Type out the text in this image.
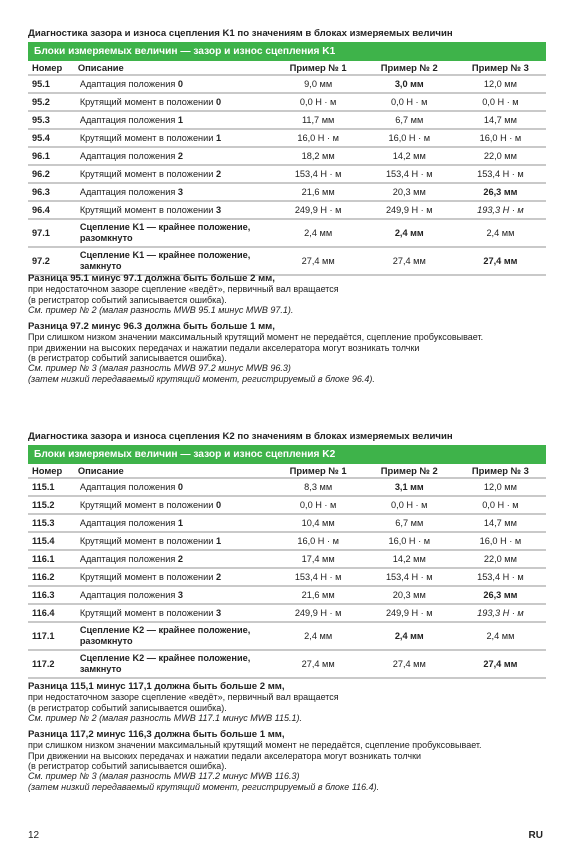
Диагностика зазора и износа сцепления K1 по значениям в блоках измеряемых величин
Блоки измеряемых величин — зазор и износ сцепления K1
Номер	Описание	Пример № 1	Пример № 2	Пример № 3
95.1	Адаптация положения 0	9,0 мм	3,0 мм	12,0 мм
95.2	Крутящий момент в положении 0	0,0 Н · м	0,0 Н · м	0,0 Н · м
95.3	Адаптация положения 1	11,7 мм	6,7 мм	14,7 мм
95.4	Крутящий момент в положении 1	16,0 Н · м	16,0 Н · м	16,0 Н · м
96.1	Адаптация положения 2	18,2 мм	14,2 мм	22,0 мм
96.2	Крутящий момент в положении 2	153,4 Н · м	153,4 Н · м	153,4 Н · м
96.3	Адаптация положения 3	21,6 мм	20,3 мм	26,3 мм
96.4	Крутящий момент в положении 3	249,9 Н · м	249,9 Н · м	193,3 Н · м
97.1	Сцепление K1 — крайнее положение, разомкнуто	2,4 мм	2,4 мм	2,4 мм
97.2	Сцепление K1 — крайнее положение, замкнуто	27,4 мм	27,4 мм	27,4 мм
Разница 95.1 минус 97.1 должна быть больше 2 мм,
при недостаточном зазоре сцепление «ведёт», первичный вал вращается
(в регистратор событий записывается ошибка).
См. пример № 2 (малая разность MWB 95.1 минус MWB 97.1).
Разница 97.2 минус 96.3 должна быть больше 1 мм,
При слишком низком значении максимальный крутящий момент не передаётся, сцепление пробуксовывает.
при движении на высоких передачах и нажатии педали акселератора могут возникать толчки
(в регистратор событий записывается ошибка).
См. пример № 3 (малая разность MWB 97.2 минус MWB 96.3)
(затем низкий передаваемый крутящий момент, регистрируемый в блоке 96.4).
Диагностика зазора и износа сцепления K2 по значениям в блоках измеряемых величин
Блоки измеряемых величин — зазор и износ сцепления K2
Номер	Описание	Пример № 1	Пример № 2	Пример № 3
115.1	Адаптация положения 0	8,3 мм	3,1 мм	12,0 мм
115.2	Крутящий момент в положении 0	0,0 Н · м	0,0 Н · м	0,0 Н · м
115.3	Адаптация положения 1	10,4 мм	6,7 мм	14,7 мм
115.4	Крутящий момент в положении 1	16,0 Н · м	16,0 Н · м	16,0 Н · м
116.1	Адаптация положения 2	17,4 мм	14,2 мм	22,0 мм
116.2	Крутящий момент в положении 2	153,4 Н · м	153,4 Н · м	153,4 Н · м
116.3	Адаптация положения 3	21,6 мм	20,3 мм	26,3 мм
116.4	Крутящий момент в положении 3	249,9 Н · м	249,9 Н · м	193,3 Н · м
117.1	Сцепление K2 — крайнее положение, разомкнуто	2,4 мм	2,4 мм	2,4 мм
117.2	Сцепление K2 — крайнее положение, замкнуто	27,4 мм	27,4 мм	27,4 мм
Разница 115,1 минус 117,1 должна быть больше 2 мм,
при недостаточном зазоре сцепление «ведёт», первичный вал вращается
(в регистратор событий записывается ошибка).
См. пример № 2 (малая разность MWB 117.1 минус MWB 115.1).
Разница 117,2 минус 116,3 должна быть больше 1 мм,
при слишком низком значении максимальный крутящий момент не передаётся, сцепление пробуксовывает.
При движении на высоких передачах и нажатии педали акселератора могут возникать толчки
(в регистратор событий записывается ошибка).
См. пример № 3 (малая разность MWB 117.2 минус MWB 116.3)
(затем низкий передаваемый крутящий момент, регистрируемый в блоке 116.4).
12	RU
